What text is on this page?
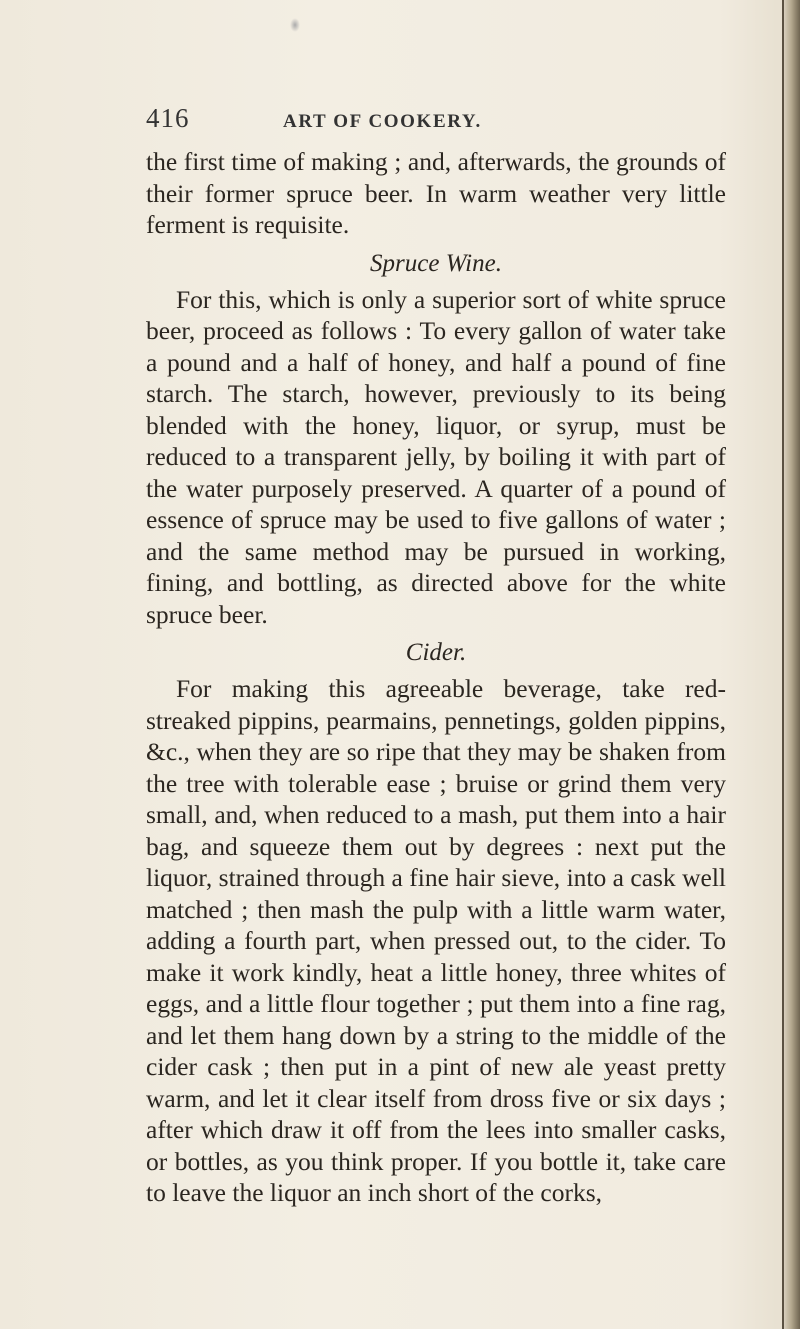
416	ART OF COOKERY.

the first time of making ; and, afterwards, the grounds of their former spruce beer. In warm weather very little ferment is requisite.

Spruce Wine.

For this, which is only a superior sort of white spruce beer, proceed as follows : To every gallon of water take a pound and a half of honey, and half a pound of fine starch. The starch, however, previously to its being blended with the honey, liquor, or syrup, must be reduced to a transparent jelly, by boiling it with part of the water purposely preserved. A quarter of a pound of essence of spruce may be used to five gallons of water ; and the same method may be pursued in working, fining, and bottling, as directed above for the white spruce beer.

Cider.

For making this agreeable beverage, take red-streaked pippins, pearmains, pennetings, golden pippins, &c., when they are so ripe that they may be shaken from the tree with tolerable ease ; bruise or grind them very small, and, when reduced to a mash, put them into a hair bag, and squeeze them out by degrees : next put the liquor, strained through a fine hair sieve, into a cask well matched ; then mash the pulp with a little warm water, adding a fourth part, when pressed out, to the cider. To make it work kindly, heat a little honey, three whites of eggs, and a little flour together ; put them into a fine rag, and let them hang down by a string to the middle of the cider cask ; then put in a pint of new ale yeast pretty warm, and let it clear itself from dross five or six days ; after which draw it off from the lees into smaller casks, or bottles, as you think proper. If you bottle it, take care to leave the liquor an inch short of the corks,
